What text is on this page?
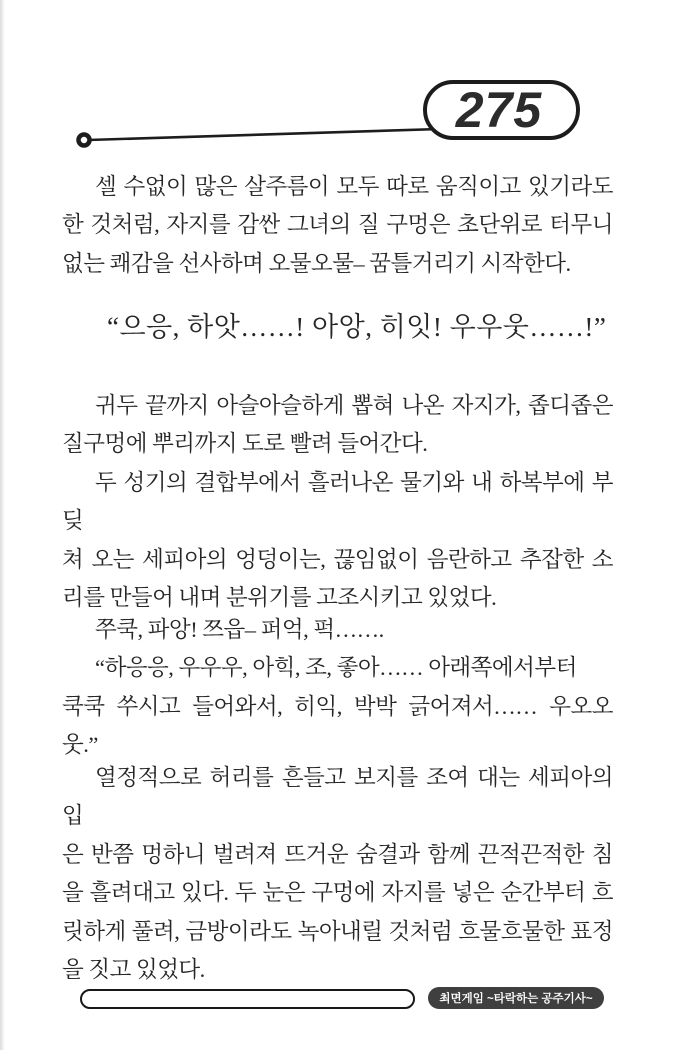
275
셀 수없이 많은 살주름이 모두 따로 움직이고 있기라도
한 것처럼, 자지를 감싼 그녀의 질 구멍은 초단위로 터무니
없는 쾌감을 선사하며 오물오물– 꿈틀거리기 시작한다.
“으응, 하앗……! 아앙, 히잇! 우우웃……!”
귀두 끝까지 아슬아슬하게 뽑혀 나온 자지가, 좁디좁은
질구멍에 뿌리까지 도로 빨려 들어간다.
두 성기의 결합부에서 흘러나온 물기와 내 하복부에 부딪
쳐 오는 세피아의 엉덩이는, 끊임없이 음란하고 추잡한 소
리를 만들어 내며 분위기를 고조시키고 있었다.
쭈쿡, 파앙! 쯔읍– 퍼억, 퍽…….
“하응응, 우우우, 아힉, 조, 좋아…… 아래쪽에서부터
쿡쿡 쑤시고 들어와서, 히익, 박박 긁어져서…… 우오오
웃.”
열정적으로 허리를 흔들고 보지를 조여 대는 세피아의 입
은 반쯤 멍하니 벌려져 뜨거운 숨결과 함께 끈적끈적한 침
을 흘려대고 있다. 두 눈은 구멍에 자지를 넣은 순간부터 흐
릿하게 풀려, 금방이라도 녹아내릴 것처럼 흐물흐물한 표정
을 짓고 있었다.
최면게임 ~타락하는 공주기사~
